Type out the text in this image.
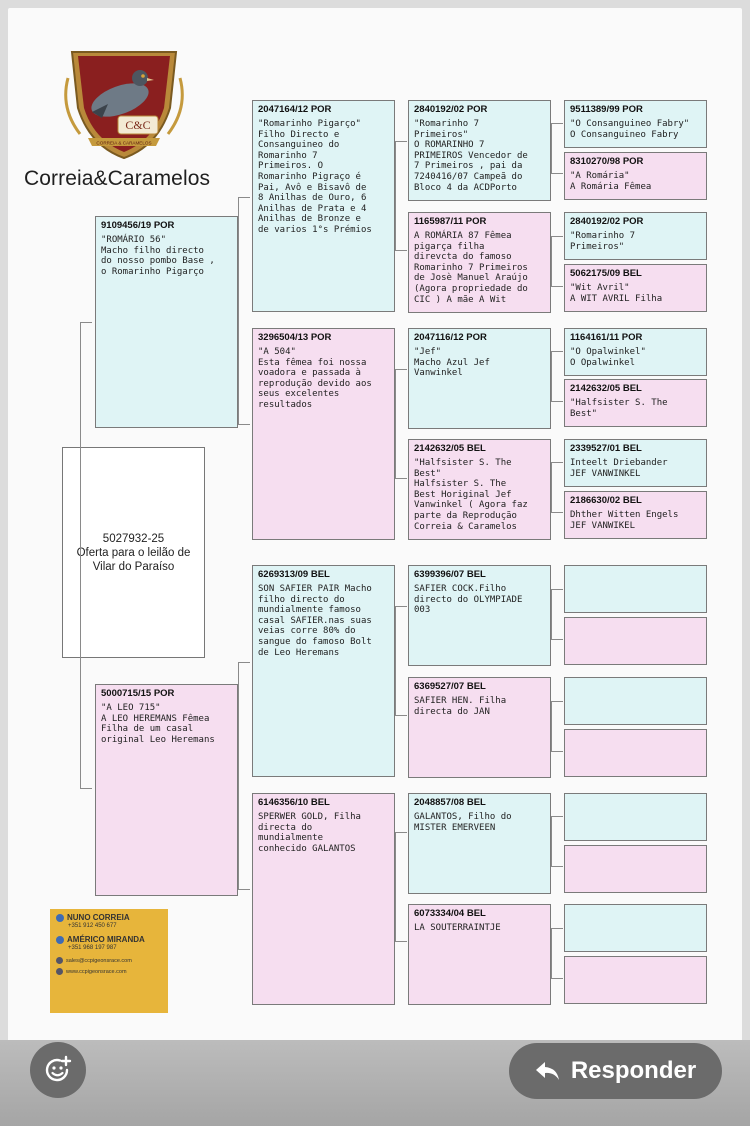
C&C
CORREIA & CARAMELOS
Correia&Caramelos
5027932-25
Oferta para o leilão de
Vilar do Paraíso
9109456/19 POR
"ROMÁRIO 56"
Macho filho directo
do nosso pombo Base ,
o Romarinho Pigarço
5000715/15 POR
"A LEO 715"
A LEO HEREMANS Fêmea
Filha de um casal
original Leo Heremans
2047164/12 POR
"Romarinho Pigarço"
Filho Directo e
Consanguineo do
Romarinho 7
Primeiros. O
Romarinho Pigraço é
Pai, Avô e Bisavô de
8 Anilhas de Ouro, 6
Anilhas de Prata e 4
Anilhas de Bronze e
de varios 1°s Prémios
3296504/13 POR
"A 504"
Esta fêmea foi nossa
voadora e passada à
reprodução devido aos
seus excelentes
resultados
6269313/09 BEL
SON SAFIER PAIR Macho
filho directo do
mundialmente famoso
casal SAFIER.nas suas
veias corre 80% do
sangue do famoso Bolt
de Leo Heremans
6146356/10 BEL
SPERWER GOLD, Filha
directa do
mundialmente
conhecido GALANTOS
2840192/02 POR
"Romarinho 7
Primeiros"
O ROMARINHO 7
PRIMEIROS Vencedor de
7 Primeiros , pai da
7240416/07 Campeã do
Bloco 4 da ACDPorto
1165987/11 POR
A ROMÁRIA 87 Fêmea
pigarça filha
direvcta do famoso
Romarinho 7 Primeiros
de Josè Manuel Araújo
(Agora propriedade do
CIC ) A mãe A Wit
2047116/12 POR
"Jef"
Macho Azul Jef
Vanwinkel
2142632/05 BEL
"Halfsister S. The
Best"
Halfsister S. The
Best Horiginal Jef
Vanwinkel ( Agora faz
parte da Reprodução
Correia & Caramelos
6399396/07 BEL
SAFIER COCK.Filho
directo do OLYMPIADE
003
6369527/07 BEL
SAFIER HEN. Filha
directa do JAN
2048857/08 BEL
GALANTOS, Filho do
MISTER EMERVEEN
6073334/04 BEL
LA SOUTERRAINTJE
9511389/99 POR
"O Consanguineo Fabry"
O Consanguineo Fabry
8310270/98 POR
"A Romária"
A Romária Fêmea
2840192/02 POR
"Romarinho 7
Primeiros"
5062175/09 BEL
"Wit Avril"
A WIT AVRIL Filha
1164161/11 POR
"O Opalwinkel"
O Opalwinkel
2142632/05 BEL
"Halfsister S. The
Best"
2339527/01 BEL
Inteelt Driebander
JEF VANWINKEL
2186630/02 BEL
Dhther Witten Engels
JEF VANWIKEL
NUNO CORREIA
+351 912 450 677
AMÉRICO MIRANDA
+351 968 197 987
sales@ccpigeonsrace.com
www.ccpigeonsrace.com
Responder
